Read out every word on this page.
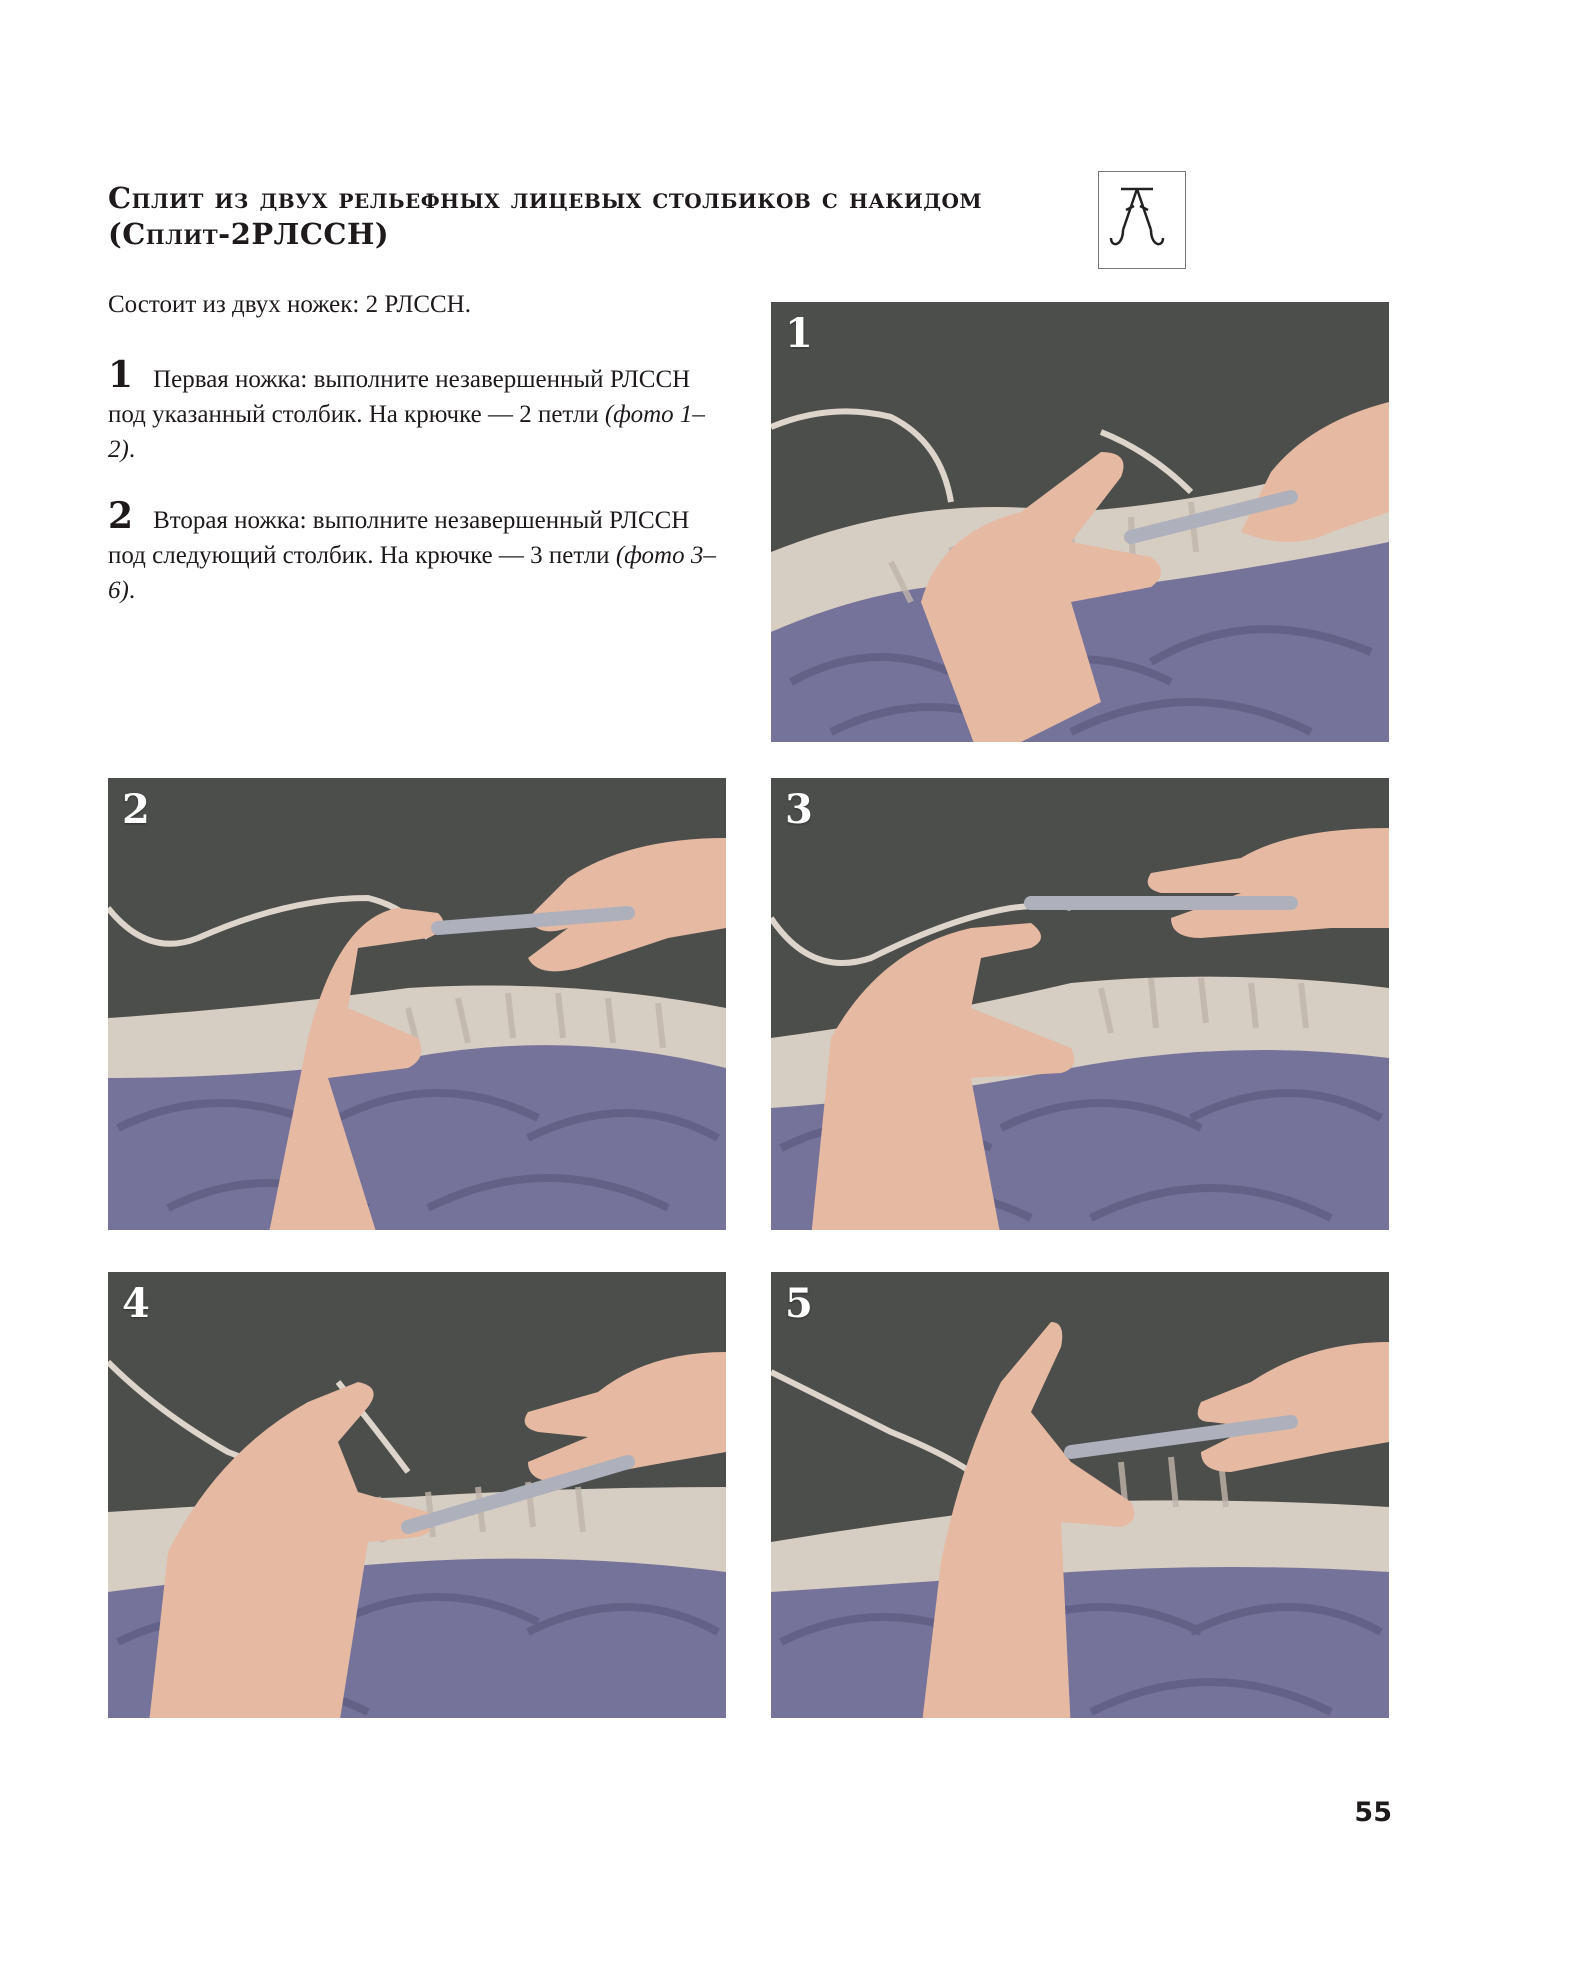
Сплит из двух рельефных лицевых столбиков с накидом
(Сплит-2РЛССН)

Состоит из двух ножек: 2 РЛССН.

1 Первая ножка: выполните незавершенный РЛССН под указанный столбик. На крючке — 2 петли (фото 1–2).

2 Вторая ножка: выполните незавершенный РЛССН под следующий столбик. На крючке — 3 петли (фото 3–6).

1
2	3
4	5
55
